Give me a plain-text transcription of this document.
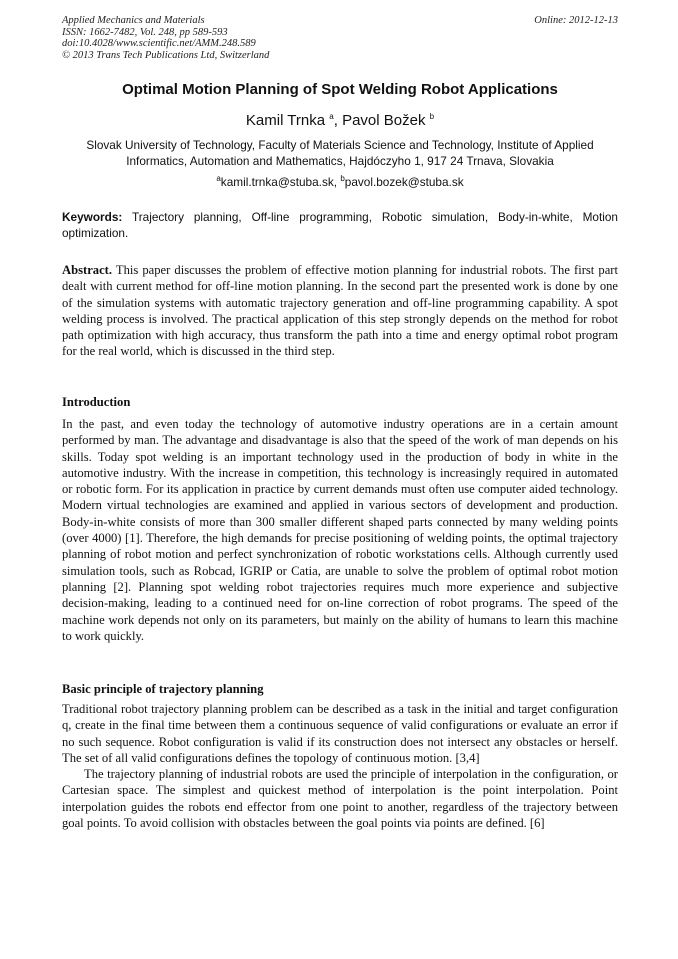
Applied Mechanics and Materials	Online: 2012-12-13
ISSN: 1662-7482, Vol. 248, pp 589-593
doi:10.4028/www.scientific.net/AMM.248.589
© 2013 Trans Tech Publications Ltd, Switzerland
Optimal Motion Planning of Spot Welding Robot Applications
Kamil Trnka $^a$, Pavol Božek $^b$
Slovak University of Technology, Faculty of Materials Science and Technology, Institute of Applied Informatics, Automation and Mathematics, Hajdóczyho 1, 917 24 Trnava, Slovakia
$^a$kamil.trnka@stuba.sk, $^b$pavol.bozek@stuba.sk
Keywords: Trajectory planning, Off-line programming, Robotic simulation, Body-in-white, Motion optimization.

Abstract. This paper discusses the problem of effective motion planning for industrial robots. The first part dealt with current method for off-line motion planning. In the second part the presented work is done by one of the simulation systems with automatic trajectory generation and off-line programming capability. A spot welding process is involved. The practical application of this step strongly depends on the method for robot path optimization with high accuracy, thus transform the path into a time and energy optimal robot program for the real world, which is discussed in the third step.

Introduction

In the past, and even today the technology of automotive industry operations are in a certain amount performed by man. The advantage and disadvantage is also that the speed of the work of man depends on his skills. Today spot welding is an important technology used in the production of body in white in the automotive industry. With the increase in competition, this technology is increasingly required in automated or robotic form. For its application in practice by current demands must often use computer aided technology. Modern virtual technologies are examined and applied in various sectors of development and production. Body-in-white consists of more than 300 smaller different shaped parts connected by many welding points (over 4000) [1]. Therefore, the high demands for precise positioning of welding points, the optimal trajectory planning of robot motion and perfect synchronization of robotic workstations cells. Although currently used simulation tools, such as Robcad, IGRIP or Catia, are unable to solve the problem of optimal robot motion planning [2]. Planning spot welding robot trajectories requires much more experience and subjective decision-making, leading to a continued need for on-line correction of robot programs. The speed of the machine work depends not only on its parameters, but mainly on the ability of humans to learn this machine to work quickly.

Basic principle of trajectory planning

Traditional robot trajectory planning problem can be described as a task in the initial and target configuration q, create in the final time between them a continuous sequence of valid configurations or evaluate an error if no such sequence. Robot configuration is valid if its construction does not intersect any obstacles or herself. The set of all valid configurations defines the topology of continuous motion. [3,4]

The trajectory planning of industrial robots are used the principle of interpolation in the configuration, or Cartesian space. The simplest and quickest method of interpolation is the point interpolation. Point interpolation guides the robots end effector from one point to another, regardless of the trajectory between goal points. To avoid collision with obstacles between the goal points via points are defined. [6]
